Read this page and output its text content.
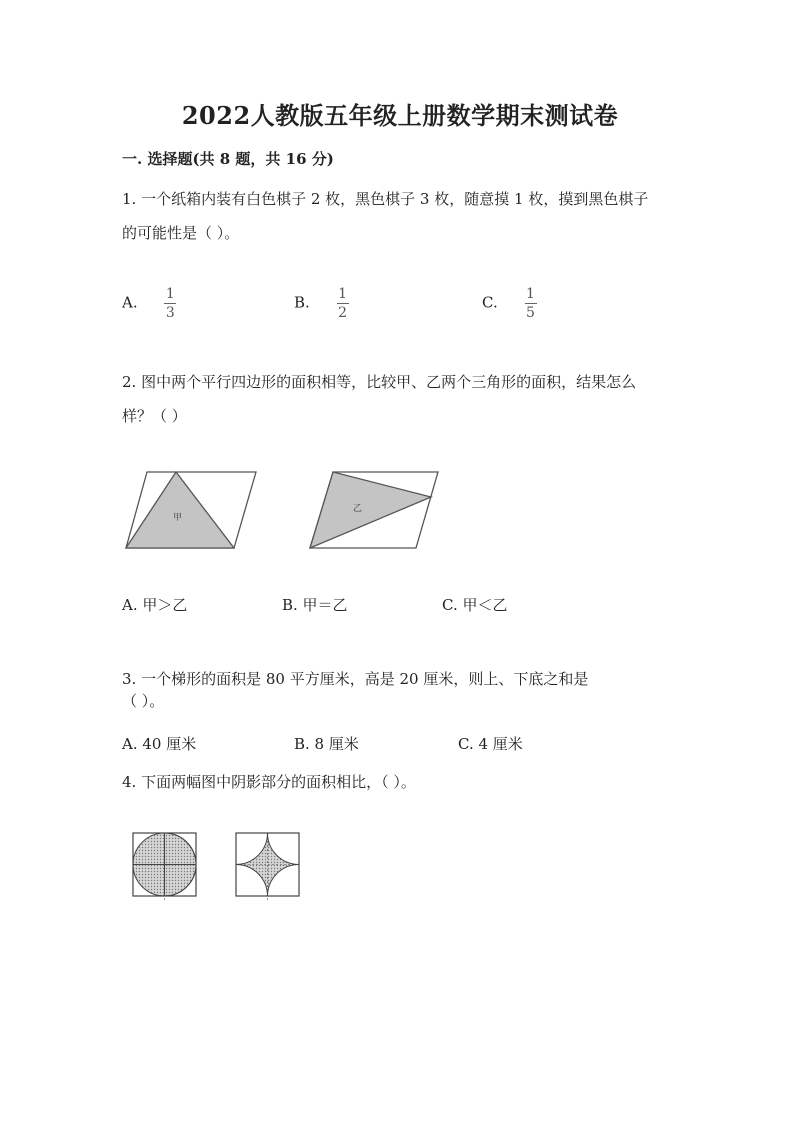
2022人教版五年级上册数学期末测试卷
一. 选择题(共 8 题，共 16 分)
1. 一个纸箱内装有白色棋子 2 枚，黑色棋子 3 枚，随意摸 1 枚，摸到黑色棋子
的可能性是（ ）。
A. $\frac{1}{3}$	B. $\frac{1}{2}$	C. $\frac{1}{5}$
2. 图中两个平行四边形的面积相等，比较甲、乙两个三角形的面积，结果怎么
样？（ ）
甲
乙
A. 甲＞乙	B. 甲＝乙	C. 甲＜乙
3. 一个梯形的面积是 80 平方厘米，高是 20 厘米，则上、下底之和是
（ ）。
A. 40 厘米	B. 8 厘米	C. 4 厘米
4. 下面两幅图中阴影部分的面积相比，（ ）。
